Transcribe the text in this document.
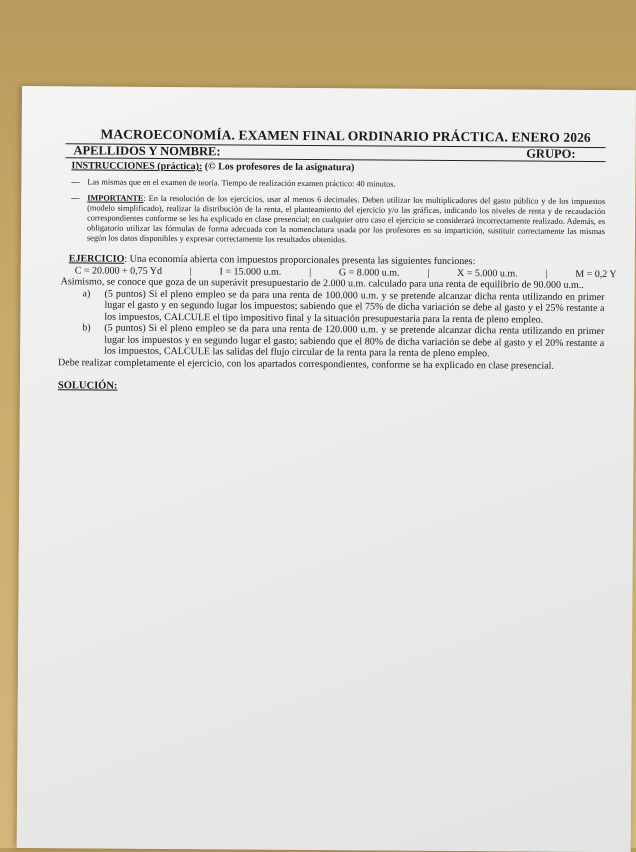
MACROECONOMÍA. EXAMEN FINAL ORDINARIO PRÁCTICA. ENERO 2026
APELLIDOS Y NOMBRE:	GRUPO:
INSTRUCCIONES (práctica): (© Los profesores de la asignatura)
— Las mismas que en el examen de teoría. Tiempo de realización examen práctico: 40 minutos.
— IMPORTANTE: En la resolución de los ejercicios, usar al menos 6 decimales. Deben utilizar los multiplicadores del gasto público y de los impuestos (modelo simplificado), realizar la distribución de la renta, el planteamiento del ejercicio y/o las gráficas, indicando los niveles de renta y de recaudación correspondientes conforme se les ha explicado en clase presencial; en cualquier otro caso el ejercicio se considerará incorrectamente realizado. Además, es obligatorio utilizar las fórmulas de forma adecuada con la nomenclatura usada por los profesores en su impartición, sustituir correctamente las mismas según los datos disponibles y expresar correctamente los resultados obtenidos.
EJERCICIO: Una economía abierta con impuestos proporcionales presenta las siguientes funciones:
C = 20.000 + 0,75 Yd	|	I = 15.000 u.m.	|	G = 8.000 u.m.	|	X = 5.000 u.m.	|	M = 0,2 Y
Asimismo, se conoce que goza de un superávit presupuestario de 2.000 u.m. calculado para una renta de equilibrio de 90.000 u.m..
a)	(5 puntos) Si el pleno empleo se da para una renta de 100.000 u.m. y se pretende alcanzar dicha renta utilizando en primer lugar el gasto y en segundo lugar los impuestos; sabiendo que el 75% de dicha variación se debe al gasto y el 25% restante a los impuestos, CALCULE el tipo impositivo final y la situación presupuestaria para la renta de pleno empleo.
b)	(5 puntos) Si el pleno empleo se da para una renta de 120.000 u.m. y se pretende alcanzar dicha renta utilizando en primer lugar los impuestos y en segundo lugar el gasto; sabiendo que el 80% de dicha variación se debe al gasto y el 20% restante a los impuestos, CALCULE las salidas del flujo circular de la renta para la renta de pleno empleo.
Debe realizar completamente el ejercicio, con los apartados correspondientes, conforme se ha explicado en clase presencial.
SOLUCIÓN:
